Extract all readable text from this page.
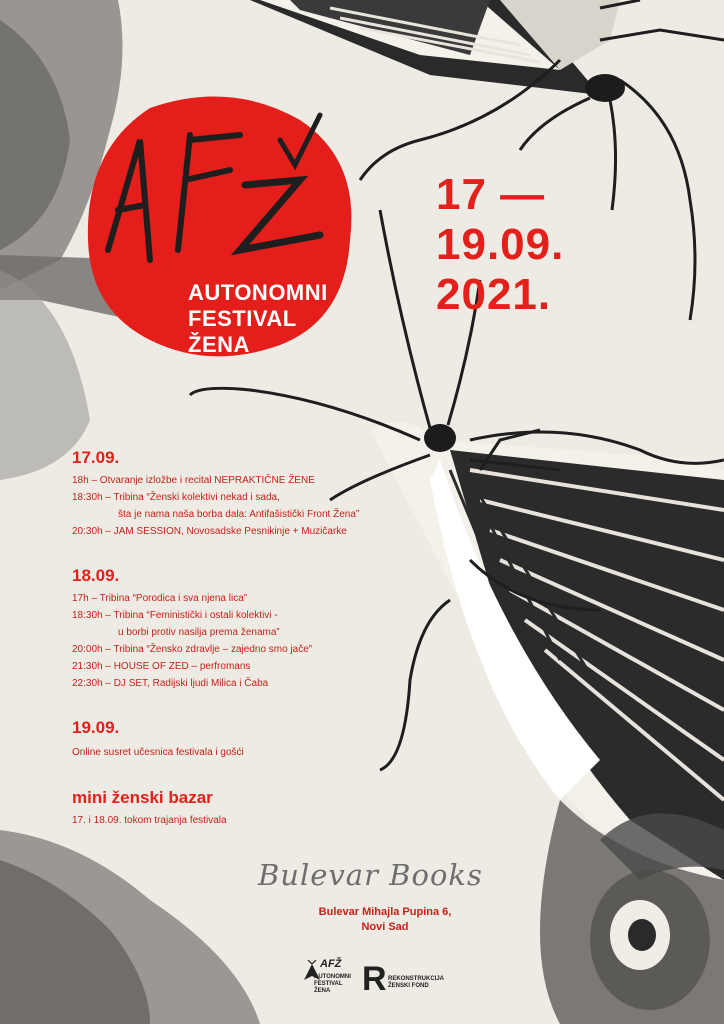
AUTONOMNI
FESTIVAL
ŽENA
17 —
19.09.
2021.
17.09.
18h – Otvaranje izložbe i recital NEPRAKTIČNE ŽENE
18:30h – Tribina “Ženski kolektivi nekad i sada,
šta je nama naša borba dala: Antifašistički Front Žena”
20:30h – JAM SESSION, Novosadske Pesnikinje + Muzičarke
18.09.
17h – Tribina “Porodica i sva njena lica”
18:30h – Tribina “Feministički i ostali kolektivi -
u borbi protiv nasilja prema ženama”
20:00h – Tribina “Žensko zdravlje – zajedno smo jače”
21:30h – HOUSE OF ZED – perfromans
22:30h – DJ SET, Radijski ljudi Milica i Čaba
19.09.
Online susret učesnica festivala i gošći
mini ženski bazar
17. i 18.09. tokom trajanja festivala
Bulevar Books
Bulevar Mihajla Pupina 6,
Novi Sad
AFŽ
AUTONOMNI
FESTIVAL
ŽENA R REKONSTRUKCIJA
ŽENSKI FOND
